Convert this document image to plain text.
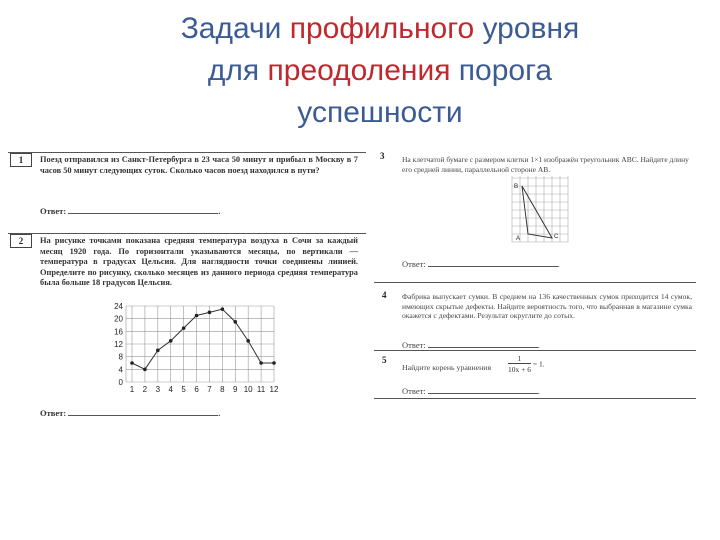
Задачи профильного уровня
для преодоления порога
успешности
1	Поезд отправился из Санкт-Петербурга в 23 часа 50 минут и прибыл в Москву в 7 часов 50 минут следующих суток. Сколько часов поезд находился в пути?
Ответ:	.
2	На рисунке точками показана средняя температура воздуха в Сочи за каждый месяц 1920 года. По горизонтали указываются месяцы, по вертикали — температура в градусах Цельсия. Для наглядности точки соединены линией. Определите по рисунку, сколько месяцев из данного периода средняя температура была больше 18 градусов Цельсия.
0
4
8
12
16
20
24
1 2 3 4 5 6 7 8 9 10 11 12
Ответ:	.
3 На клетчатой бумаге с размером клетки 1×1 изображён треугольник ABC. Найдите длину его средней линии, параллельной стороне AB.
B
A	C
Ответ:	.
4 Фабрика выпускает сумки. В среднем на 136 качественных сумок приходится 14 сумок, имеющих скрытые дефекты. Найдите вероятность того, что выбранная в магазине сумка окажется с дефектами. Результат округлите до сотых.
Ответ:	.
5
Найдите корень уравнения $\frac{1}{10x + 6} = 1$.
Ответ:	.
